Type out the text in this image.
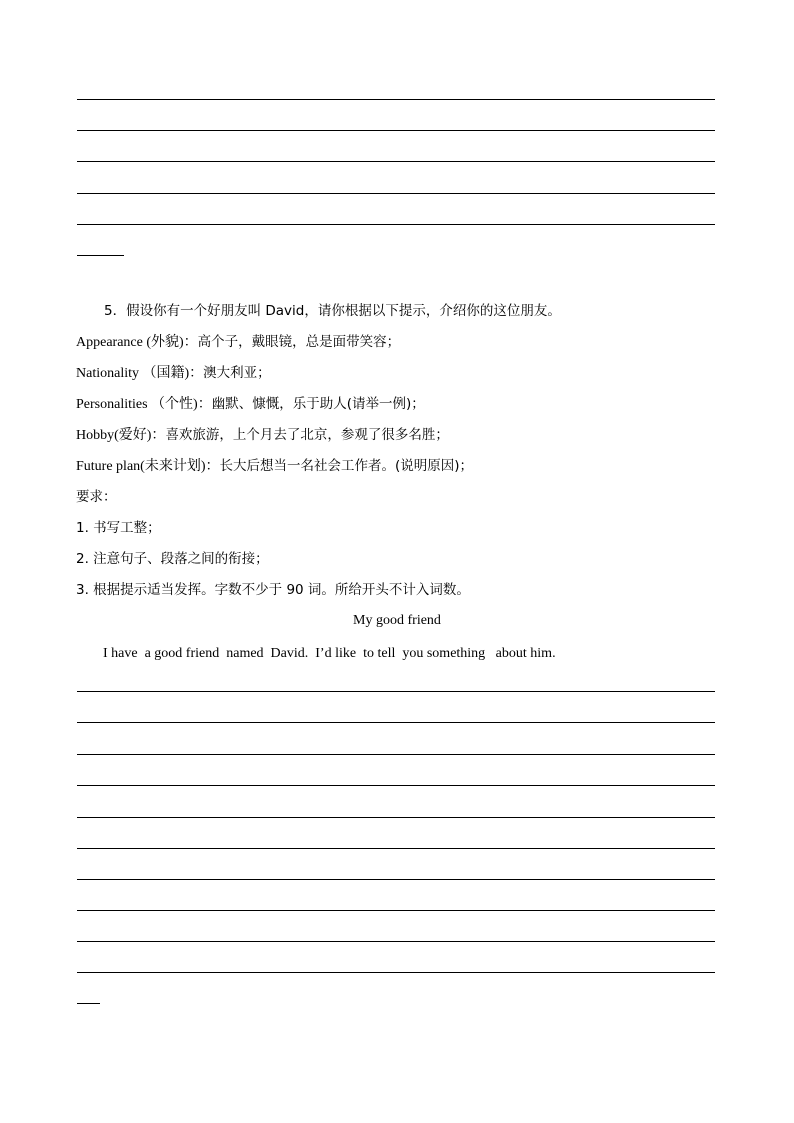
5．假设你有一个好朋友叫 David，请你根据以下提示，介绍你的这位朋友。
Appearance (外貌)：高个子，戴眼镜，总是面带笑容；
Nationality （国籍)：澳大利亚；
Personalities （个性)：幽默、慷慨，乐于助人(请举一例)；
Hobby(爱好)：喜欢旅游，上个月去了北京，参观了很多名胜；
Future plan(未来计划)：长大后想当一名社会工作者。(说明原因)；
要求：
1. 书写工整；
2. 注意句子、段落之间的衔接；
3. 根据提示适当发挥。字数不少于 90 词。所给开头不计入词数。
My good friend
I have  a good friend  named  David.  I’d like  to tell  you something   about him.
